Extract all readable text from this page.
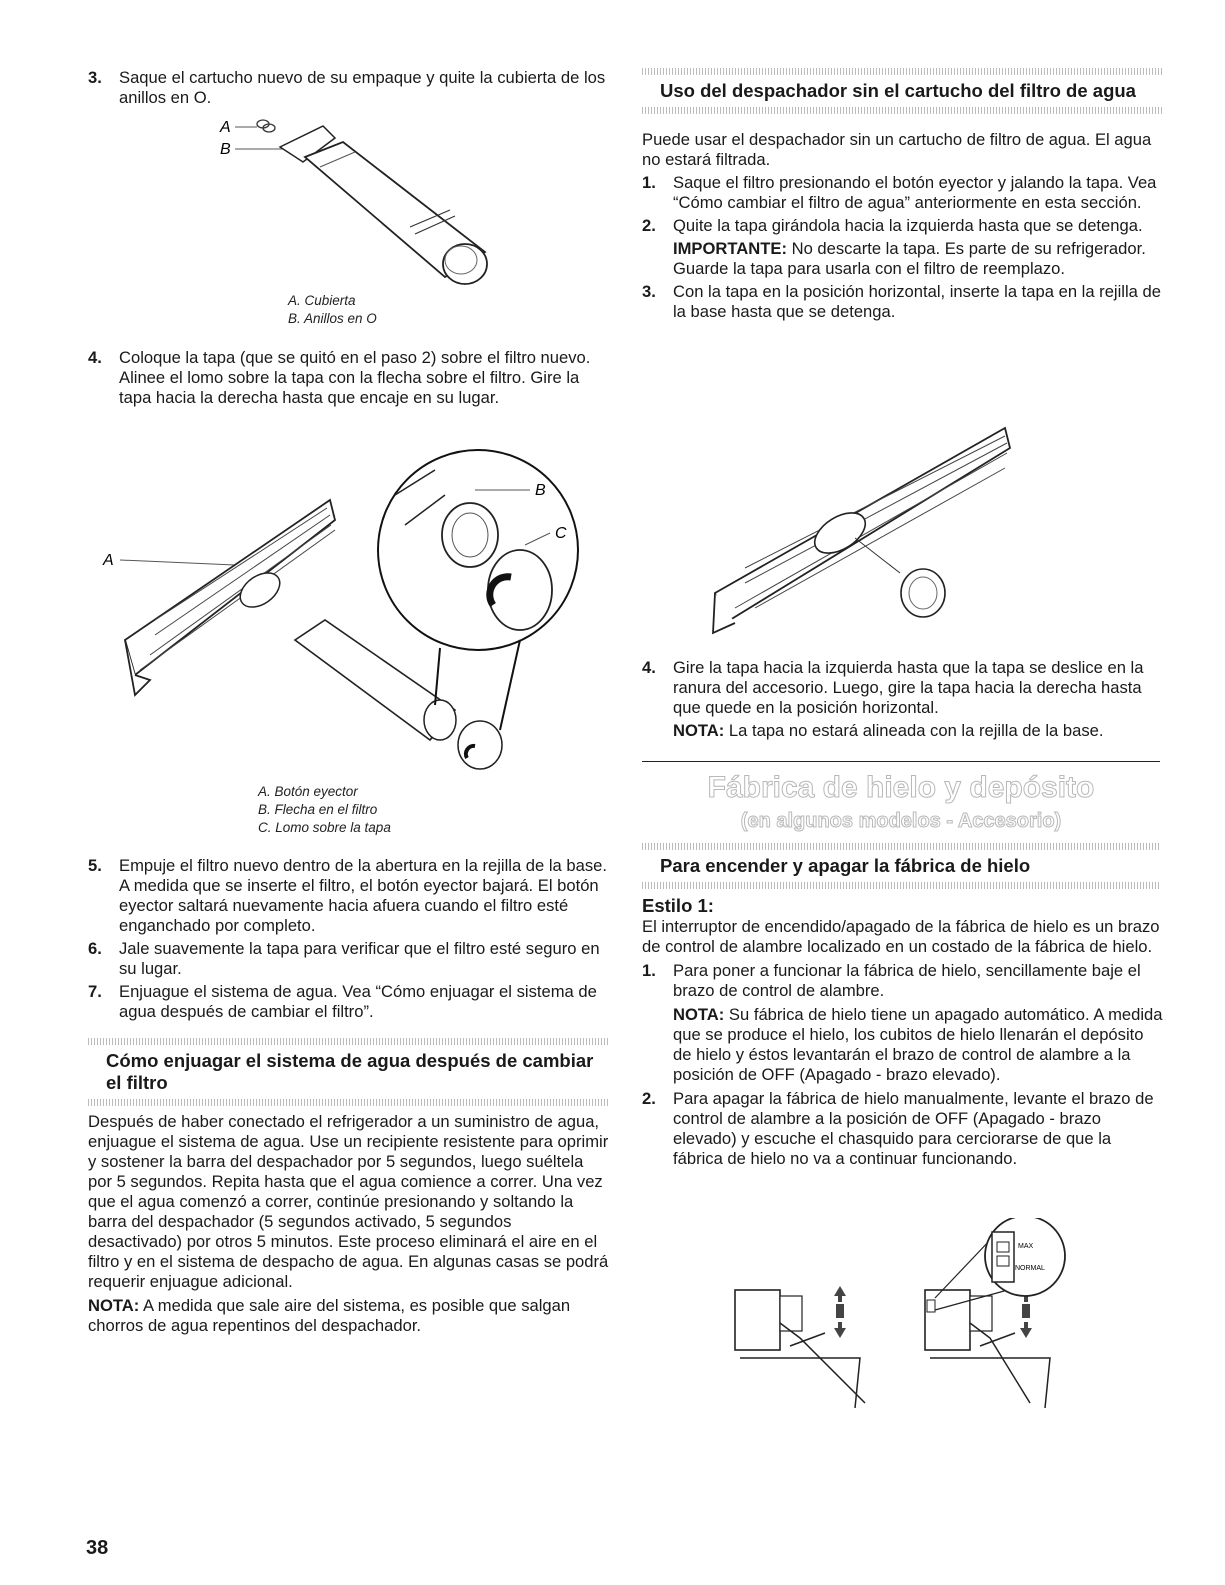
3. Saque el cartucho nuevo de su empaque y quite la cubierta de los anillos en O.
A
B
A. Cubierta
B. Anillos en O
4. Coloque la tapa (que se quitó en el paso 2) sobre el filtro nuevo. Alinee el lomo sobre la tapa con la flecha sobre el filtro. Gire la tapa hacia la derecha hasta que encaje en su lugar.
A
B
C
A. Botón eyector
B. Flecha en el filtro
C. Lomo sobre la tapa
5. Empuje el filtro nuevo dentro de la abertura en la rejilla de la base. A medida que se inserte el filtro, el botón eyector bajará. El botón eyector saltará nuevamente hacia afuera cuando el filtro esté enganchado por completo.
6. Jale suavemente la tapa para verificar que el filtro esté seguro en su lugar.
7. Enjuague el sistema de agua. Vea “Cómo enjuagar el sistema de agua después de cambiar el filtro”.
Cómo enjuagar el sistema de agua después de cambiar el filtro

Después de haber conectado el refrigerador a un suministro de agua, enjuague el sistema de agua. Use un recipiente resistente para oprimir y sostener la barra del despachador por 5 segundos, luego suéltela por 5 segundos. Repita hasta que el agua comience a correr. Una vez que el agua comenzó a correr, continúe presionando y soltando la barra del despachador (5 segundos activado, 5 segundos desactivado) por otros 5 minutos. Este proceso eliminará el aire en el filtro y en el sistema de despacho de agua. En algunas casas se podrá requerir enjuague adicional.

NOTA: A medida que sale aire del sistema, es posible que salgan chorros de agua repentinos del despachador.

Uso del despachador sin el cartucho del filtro de agua

Puede usar el despachador sin un cartucho de filtro de agua. El agua no estará filtrada.

1. Saque el filtro presionando el botón eyector y jalando la tapa. Vea “Cómo cambiar el filtro de agua” anteriormente en esta sección.
2. Quite la tapa girándola hacia la izquierda hasta que se detenga.

IMPORTANTE: No descarte la tapa. Es parte de su refrigerador. Guarde la tapa para usarla con el filtro de reemplazo.

3. Con la tapa en la posición horizontal, inserte la tapa en la rejilla de la base hasta que se detenga.
4. Gire la tapa hacia la izquierda hasta que la tapa se deslice en la ranura del accesorio. Luego, gire la tapa hacia la derecha hasta que quede en la posición horizontal.

NOTA: La tapa no estará alineada con la rejilla de la base.

Fábrica de hielo y depósito
(en algunos modelos - Accesorio)
Para encender y apagar la fábrica de hielo
Estilo 1:

El interruptor de encendido/apagado de la fábrica de hielo es un brazo de control de alambre localizado en un costado de la fábrica de hielo.

1. Para poner a funcionar la fábrica de hielo, sencillamente baje el brazo de control de alambre.

NOTA: Su fábrica de hielo tiene un apagado automático. A medida que se produce el hielo, los cubitos de hielo llenarán el depósito de hielo y éstos levantarán el brazo de control de alambre a la posición de OFF (Apagado - brazo elevado).

2. Para apagar la fábrica de hielo manualmente, levante el brazo de control de alambre a la posición de OFF (Apagado - brazo elevado) y escuche el chasquido para cerciorarse de que la fábrica de hielo no va a continuar funcionando.
MAX
NORMAL
38
